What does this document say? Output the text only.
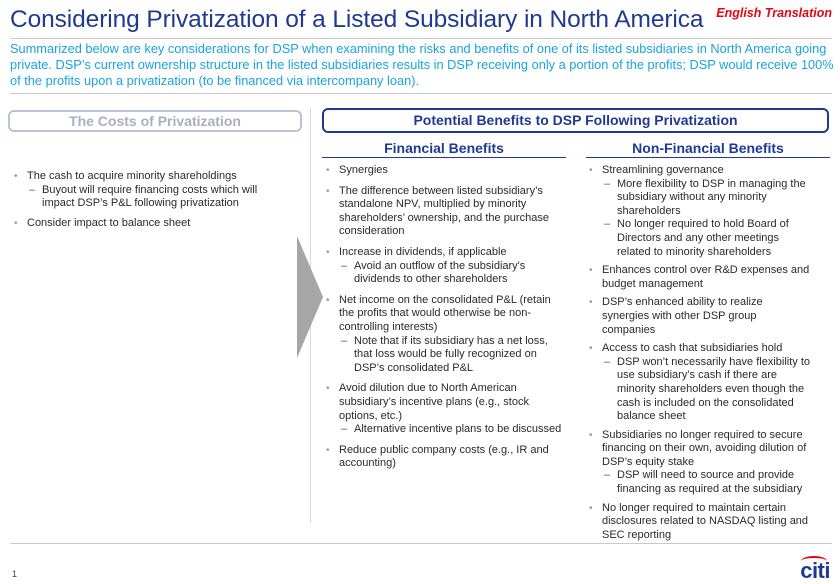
Considering Privatization of a Listed Subsidiary in North America English Translation
Summarized below are key considerations for DSP when examining the risks and benefits of one of its listed subsidiaries in North America going private. DSP’s current ownership structure in the listed subsidiaries results in DSP receiving only a portion of the profits; DSP would receive 100% of the profits upon a privatization (to be financed via intercompany loan).
The Costs of Privatization
• The cash to acquire minority shareholdings
– Buyout will require financing costs which will impact DSP’s P&L following privatization
• Consider impact to balance sheet
Potential Benefits to DSP Following Privatization
Financial Benefits	Non-Financial Benefits
• Synergies
• The difference between listed subsidiary’s standalone NPV, multiplied by minority shareholders’ ownership, and the purchase consideration
• Increase in dividends, if applicable
– Avoid an outflow of the subsidiary's dividends to other shareholders
• Net income on the consolidated P&L (retain the profits that would otherwise be non-controlling interests)
– Note that if its subsidiary has a net loss, that loss would be fully recognized on DSP’s consolidated P&L
• Avoid dilution due to North American subsidiary’s incentive plans (e.g., stock options, etc.)
– Alternative incentive plans to be discussed
• Reduce public company costs (e.g., IR and accounting)
• Streamlining governance
– More flexibility to DSP in managing the subsidiary without any minority shareholders
– No longer required to hold Board of Directors and any other meetings related to minority shareholders
• Enhances control over R&D expenses and budget management
• DSP’s enhanced ability to realize synergies with other DSP group companies
• Access to cash that subsidiaries hold
– DSP won’t necessarily have flexibility to use subsidiary’s cash if there are minority shareholders even though the cash is included on the consolidated balance sheet
• Subsidiaries no longer required to secure financing on their own, avoiding dilution of DSP’s equity stake
– DSP will need to source and provide financing as required at the subsidiary
• No longer required to maintain certain disclosures related to NASDAQ listing and SEC reporting
1	citi
